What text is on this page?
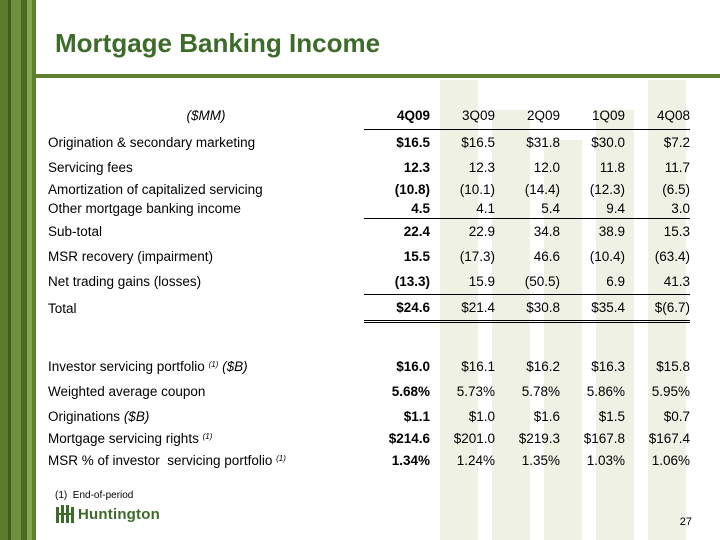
Mortgage Banking Income
($MM)	4Q09	3Q09	2Q09	1Q09	4Q08
Origination & secondary marketing	$16.5	$16.5	$31.8	$30.0	$7.2
Servicing fees	12.3	12.3	12.0	11.8	11.7
Amortization of capitalized servicing	(10.8)	(10.1)	(14.4)	(12.3)	(6.5)
Other mortgage banking income	4.5	4.1	5.4	9.4	3.0
Sub-total	22.4	22.9	34.8	38.9	15.3
MSR recovery (impairment)	15.5	(17.3)	46.6	(10.4)	(63.4)
Net trading gains (losses)	(13.3)	15.9	(50.5)	6.9	41.3
Total	$24.6	$21.4	$30.8	$35.4	$(6.7)

Investor servicing portfolio $^{(1)}$ ($B)	$16.0	$16.1	$16.2	$16.3	$15.8
Weighted average coupon	5.68%	5.73%	5.78%	5.86%	5.95%
Originations ($B)	$1.1	$1.0	$1.6	$1.5	$0.7
Mortgage servicing rights $^{(1)}$	$214.6	$201.0	$219.3	$167.8	$167.4
MSR % of investor  servicing portfolio $^{(1)}$	1.34%	1.24%	1.35%	1.03%	1.06%
(1)  End-of-period
Huntington	27
